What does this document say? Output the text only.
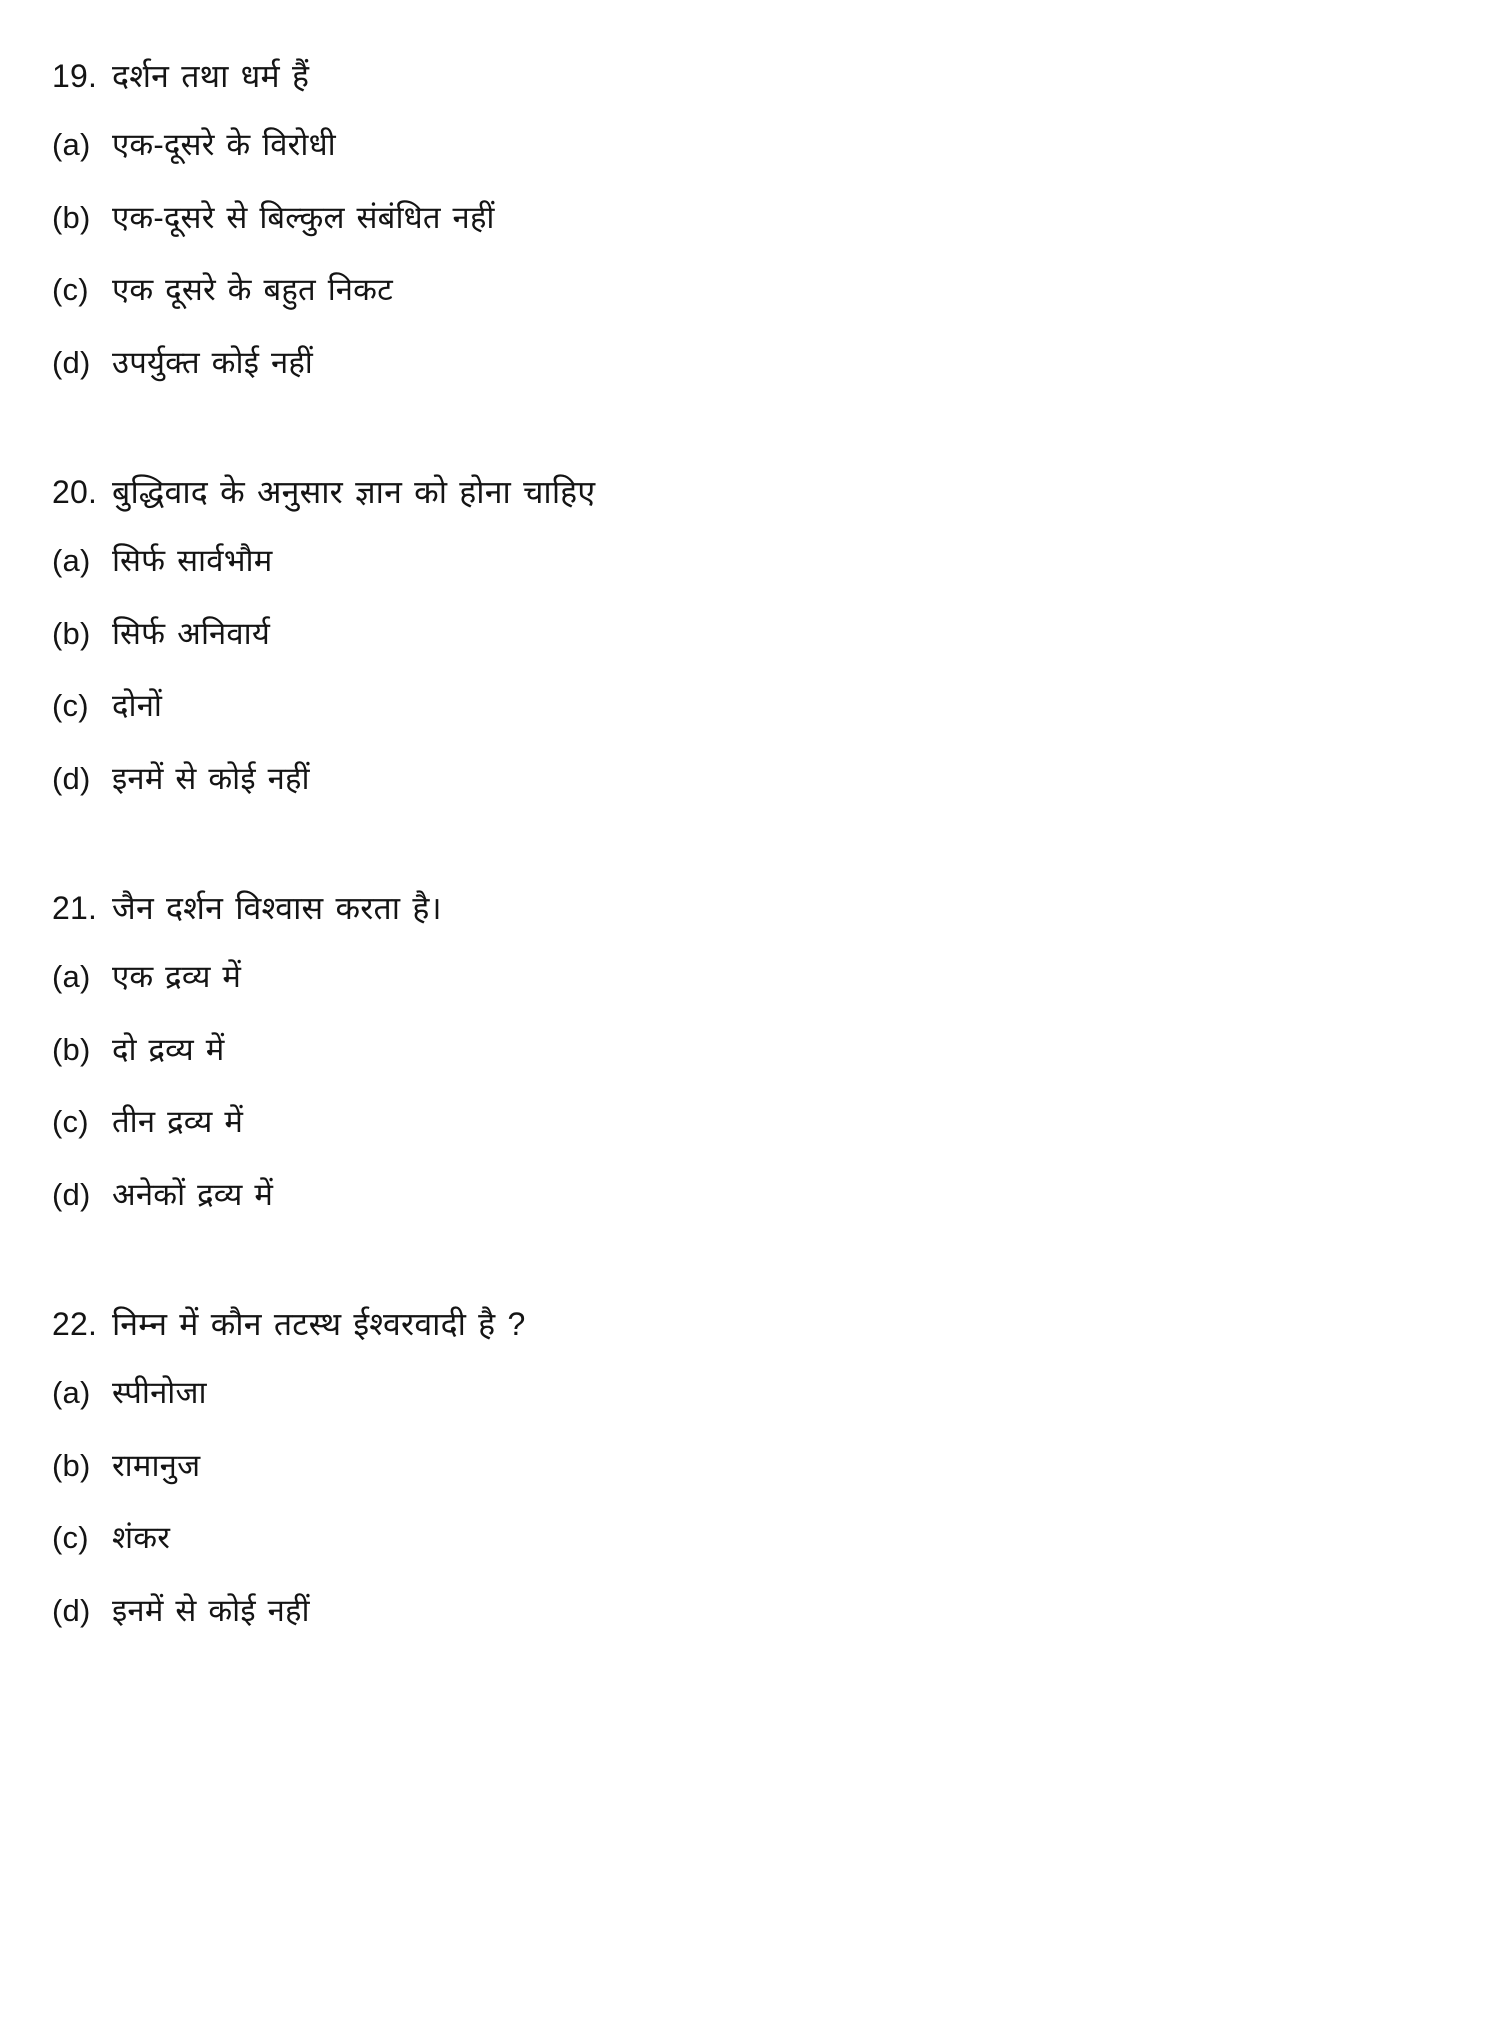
19. दर्शन तथा धर्म हैं
(a) एक-दूसरे के विरोधी
(b) एक-दूसरे से बिल्कुल संबंधित नहीं
(c) एक दूसरे के बहुत निकट
(d) उपर्युक्त कोई नहीं
20. बुद्धिवाद के अनुसार ज्ञान को होना चाहिए
(a) सिर्फ सार्वभौम
(b) सिर्फ अनिवार्य
(c) दोनों
(d) इनमें से कोई नहीं
21. जैन दर्शन विश्वास करता है।
(a) एक द्रव्य में
(b) दो द्रव्य में
(c) तीन द्रव्य में
(d) अनेकों द्रव्य में
22. निम्न में कौन तटस्थ ईश्वरवादी है ?
(a) स्पीनोजा
(b) रामानुज
(c) शंकर
(d) इनमें से कोई नहीं
